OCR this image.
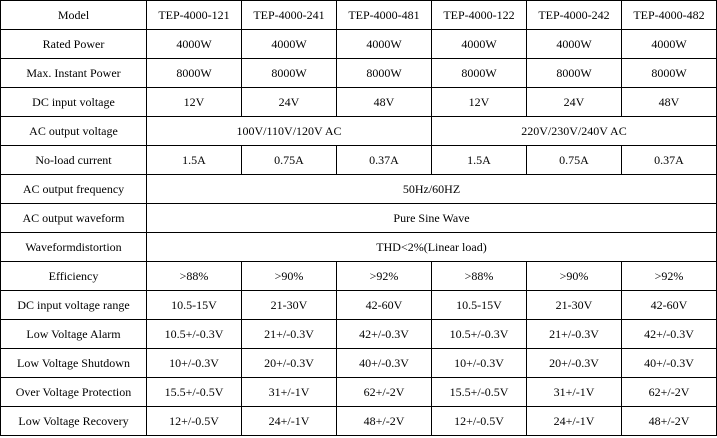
Model	TEP-4000-121	TEP-4000-241	TEP-4000-481	TEP-4000-122	TEP-4000-242	TEP-4000-482
Rated Power	4000W	4000W	4000W	4000W	4000W	4000W
Max. Instant Power	8000W	8000W	8000W	8000W	8000W	8000W
DC input voltage	12V	24V	48V	12V	24V	48V
AC output voltage	100V/110V/120V AC			220V/230V/240V AC		
No-load current	1.5A	0.75A	0.37A	1.5A	0.75A	0.37A
AC output frequency	50Hz/60HZ					
AC output waveform	Pure Sine Wave					
Waveformdistortion	THD<2%(Linear load)					
Efficiency	>88%	>90%	>92%	>88%	>90%	>92%
DC input voltage range	10.5-15V	21-30V	42-60V	10.5-15V	21-30V	42-60V
Low Voltage Alarm	10.5+/-0.3V	21+/-0.3V	42+/-0.3V	10.5+/-0.3V	21+/-0.3V	42+/-0.3V
Low Voltage Shutdown	10+/-0.3V	20+/-0.3V	40+/-0.3V	10+/-0.3V	20+/-0.3V	40+/-0.3V
Over Voltage Protection	15.5+/-0.5V	31+/-1V	62+/-2V	15.5+/-0.5V	31+/-1V	62+/-2V
Low Voltage Recovery	12+/-0.5V	24+/-1V	48+/-2V	12+/-0.5V	24+/-1V	48+/-2V
